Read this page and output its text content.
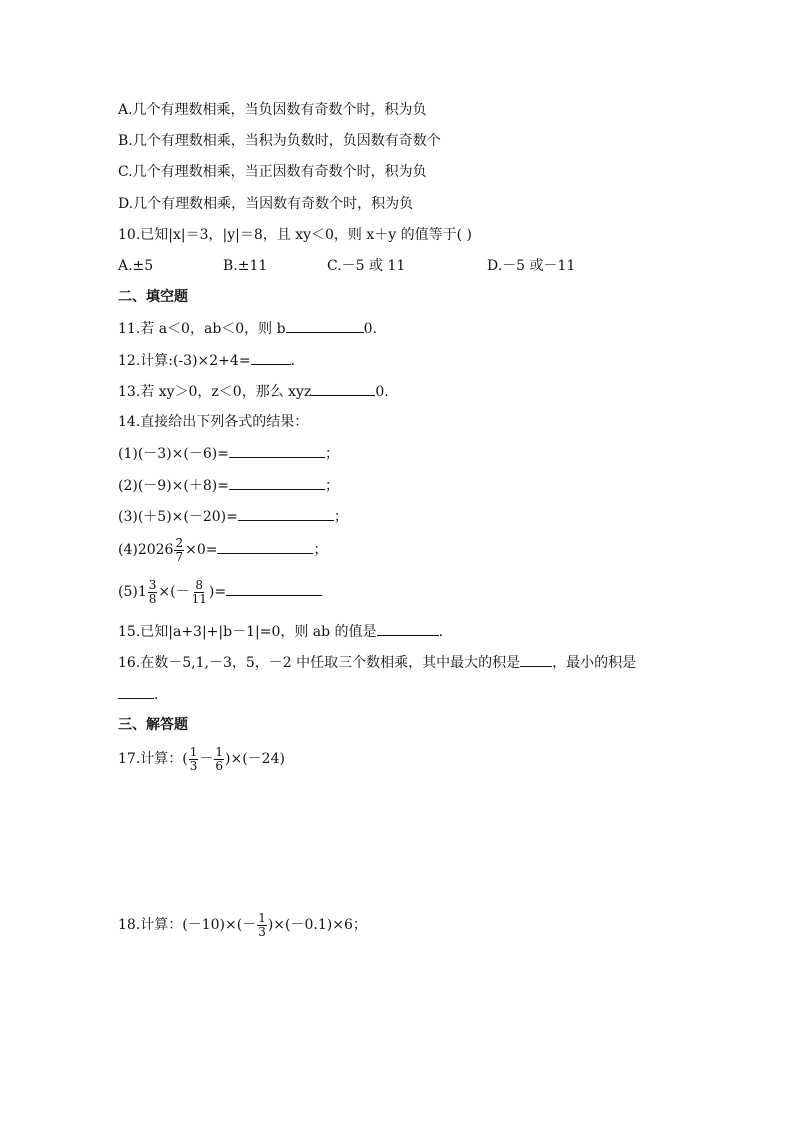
A.几个有理数相乘，当负因数有奇数个时，积为负
B.几个有理数相乘，当积为负数时，负因数有奇数个
C.几个有理数相乘，当正因数有奇数个时，积为负
D.几个有理数相乘，当因数有奇数个时，积为负
10.已知|x|＝3，|y|＝8，且 xy＜0，则 x＋y 的值等于( )
A.±5	B.±11	C.－5 或 11	D.－5 或－11
二、填空题
11.若 a＜0，ab＜0，则 b	0.
12.计算:(-3)×2+4=	.
13.若 xy＞0，z＜0，那么 xyz	0.
14.直接给出下列各式的结果：
(1)(－3)×(－6)=	；
(2)(－9)×(＋8)=	；
(3)(＋5)×(－20)=	；
$(4)2026 \frac{2}{7} \times 0=$	；
$(5)1 \frac{3}{8}$ ×(－ $\frac{8}{11}$ )=
15.已知|a+3|+|b－1|=0，则 ab 的值是	.
16.在数－5,1,－3，5，－2 中任取三个数相乘，其中最大的积是 ，最小的积是
.
三、解答题
17.计算：( $\frac{1}{3} - \frac{1}{6} )\times(-24)$
18.计算：$(-10)\times(- \frac{1}{3} )\times(-0.1)\times 6$；
